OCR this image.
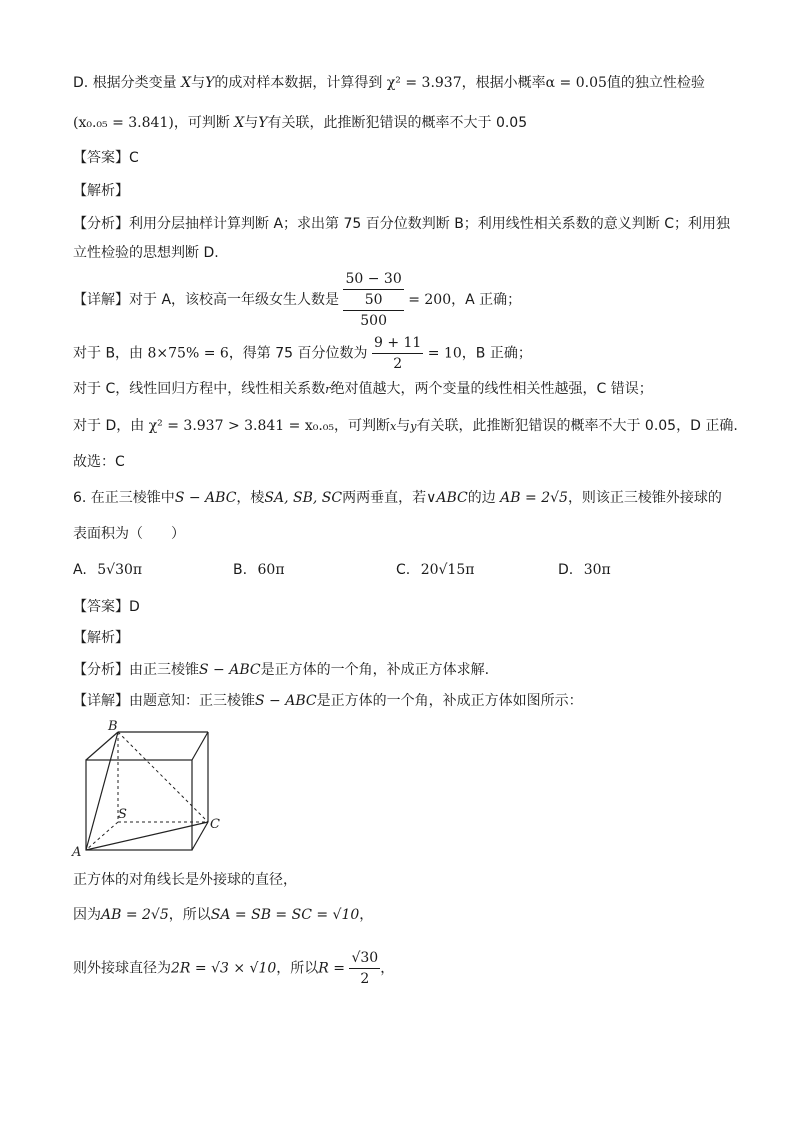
D. 根据分类变量 X与Y的成对样本数据，计算得到 χ² = 3.937，根据小概率α = 0.05值的独立性检验
(x₀.₀₅ = 3.841)，可判断 X与Y有关联，此推断犯错误的概率不大于 0.05
【答案】C
【解析】
【分析】利用分层抽样计算判断 A；求出第 75 百分位数判断 B；利用线性相关系数的意义判断 C；利用独
立性检验的思想判断 D.
【详解】对于 A，该校高一年级女生人数是
50 − 30
50
500
= 200，A 正确；
对于 B，由 8×75% = 6，得第 75 百分位数为 $\frac{9 + 11}{2} = 10$，B 正确；
对于 C，线性回归方程中，线性相关系数r绝对值越大，两个变量的线性相关性越强，C 错误；
对于 D，由 χ² = 3.937 > 3.841 = x₀.₀₅，可判断x与y有关联，此推断犯错误的概率不大于 0.05，D 正确.
故选：C
6. 在正三棱锥中S − ABC，棱SA, SB, SC两两垂直，若∨ABC的边 AB = 2√5，则该正三棱锥外接球的
表面积为（　　）
A. 5√30π	B. 60π	C. 20√15π	D. 30π
【答案】D
【解析】
【分析】由正三棱锥S − ABC是正方体的一个角，补成正方体求解.
【详解】由题意知：正三棱锥S − ABC是正方体的一个角，补成正方体如图所示：
B
S
C
A
正方体的对角线长是外接球的直径，
因为AB = 2√5，所以SA = SB = SC = √10，
则外接球直径为2R = √3 × √10，所以$R = \frac{√30}{2}$ ，
